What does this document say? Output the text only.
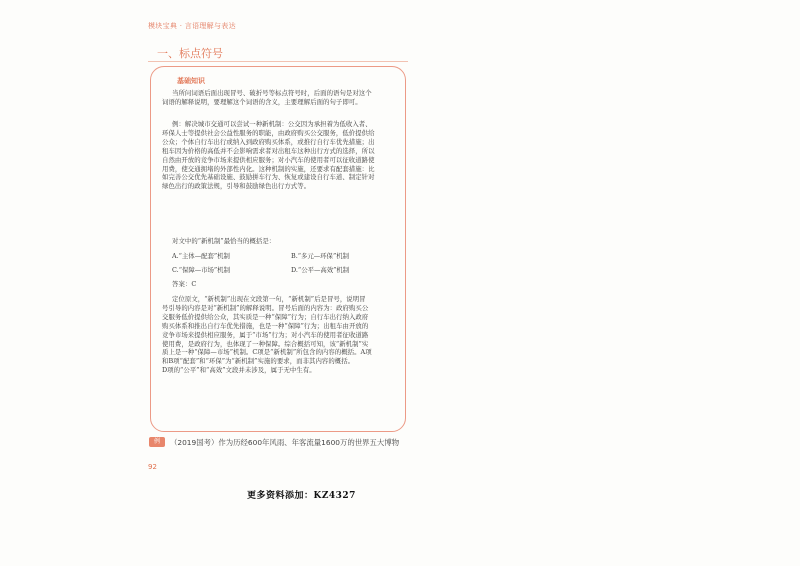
模块宝典 · 言语理解与表达
一、标点符号
基础知识
当所问词语后面出现冒号、破折号等标点符号时，后面的语句是对这个
词语的解释说明，要理解这个词语的含义，主要理解后面的句子即可。
例：解决城市交通可以尝试一种新机制：公交因为承担着为低收入者、
环保人士等提供社会公益性服务的职能，由政府购买公交服务，低价提供给
公众；个体自行车出行或纳入到政府购买体系，或推行自行车优先措施；出
租车因为价格的高低并不会影响需求者对出租车这种出行方式的选择，所以
自然由开放的竞争市场来提供相应服务；对小汽车的使用者可以征收道路使
用费，使交通拥堵的外部性内化。这种机制的实施，还要求有配套措施：比
如完善公交优先基础设施、鼓励拼车行为、恢复或建设自行车道、制定针对
绿色出行的政策法规，引导和鼓励绿色出行方式等。
对文中的“新机制”最恰当的概括是：
A.“主体—配套”机制	B.“多元—环保”机制
C.“保障—市场”机制	D.“公平—高效”机制
答案：C
定位原文，“新机制”出现在文段第一句，“新机制”后是冒号，说明冒
号引导的内容是对“新机制”的解释说明。冒号后面的内容为：政府购买公
交服务低价提供给公众，其实质是一种“保障”行为；自行车出行纳入政府
购买体系和推出自行车优先措施，也是一种“保障”行为；出租车由开放的
竞争市场来提供相应服务，属于“市场”行为；对小汽车的使用者征收道路
使用费，是政府行为，也体现了一种保障。综合概括可知，该“新机制”实
质上是一种“保障—市场”机制。C项是“新机制”所包含的内容的概括。A项
和B项“配套”和“环保”为“新机制”实施的要求，而非其内容的概括。
D项的“公平”和“高效”文段并未涉及，属于无中生有。
例	（2019国考）作为历经600年风雨、年客流量1600万的世界五大博物
92
更多资料添加：KZ4327
